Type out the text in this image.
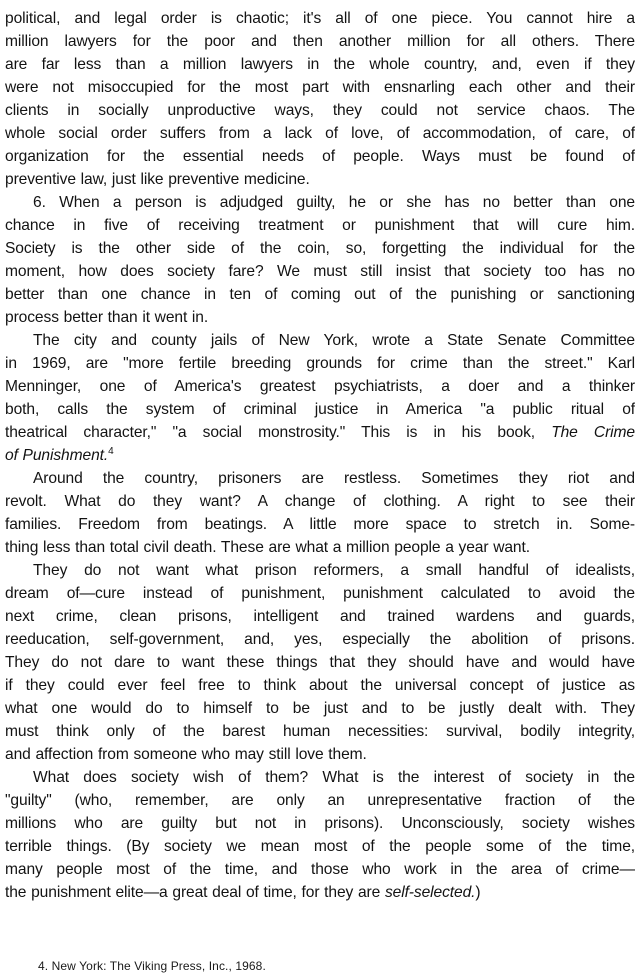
political, and legal order is chaotic; it's all of one piece. You cannot hire a
million lawyers for the poor and then another million for all others. There
are far less than a million lawyers in the whole country, and, even if they
were not misoccupied for the most part with ensnarling each other and their
clients in socially unproductive ways, they could not service chaos. The
whole social order suffers from a lack of love, of accommodation, of care, of
organization for the essential needs of people. Ways must be found of
preventive law, just like preventive medicine.
6. When a person is adjudged guilty, he or she has no better than one
chance in five of receiving treatment or punishment that will cure him.
Society is the other side of the coin, so, forgetting the individual for the
moment, how does society fare? We must still insist that society too has no
better than one chance in ten of coming out of the punishing or sanctioning
process better than it went in.
The city and county jails of New York, wrote a State Senate Committee
in 1969, are "more fertile breeding grounds for crime than the street." Karl
Menninger, one of America's greatest psychiatrists, a doer and a thinker
both, calls the system of criminal justice in America "a public ritual of
theatrical character," "a social monstrosity." This is in his book, The Crime
of Punishment.$^4$
Around the country, prisoners are restless. Sometimes they riot and
revolt. What do they want? A change of clothing. A right to see their
families. Freedom from beatings. A little more space to stretch in. Some-
thing less than total civil death. These are what a million people a year want.
They do not want what prison reformers, a small handful of idealists,
dream of—cure instead of punishment, punishment calculated to avoid the
next crime, clean prisons, intelligent and trained wardens and guards,
reeducation, self-government, and, yes, especially the abolition of prisons.
They do not dare to want these things that they should have and would have
if they could ever feel free to think about the universal concept of justice as
what one would do to himself to be just and to be justly dealt with. They
must think only of the barest human necessities: survival, bodily integrity,
and affection from someone who may still love them.
What does society wish of them? What is the interest of society in the
"guilty" (who, remember, are only an unrepresentative fraction of the
millions who are guilty but not in prisons). Unconsciously, society wishes
terrible things. (By society we mean most of the people some of the time,
many people most of the time, and those who work in the area of crime—
the punishment elite—a great deal of time, for they are self-selected.)
4. New York: The Viking Press, Inc., 1968.
